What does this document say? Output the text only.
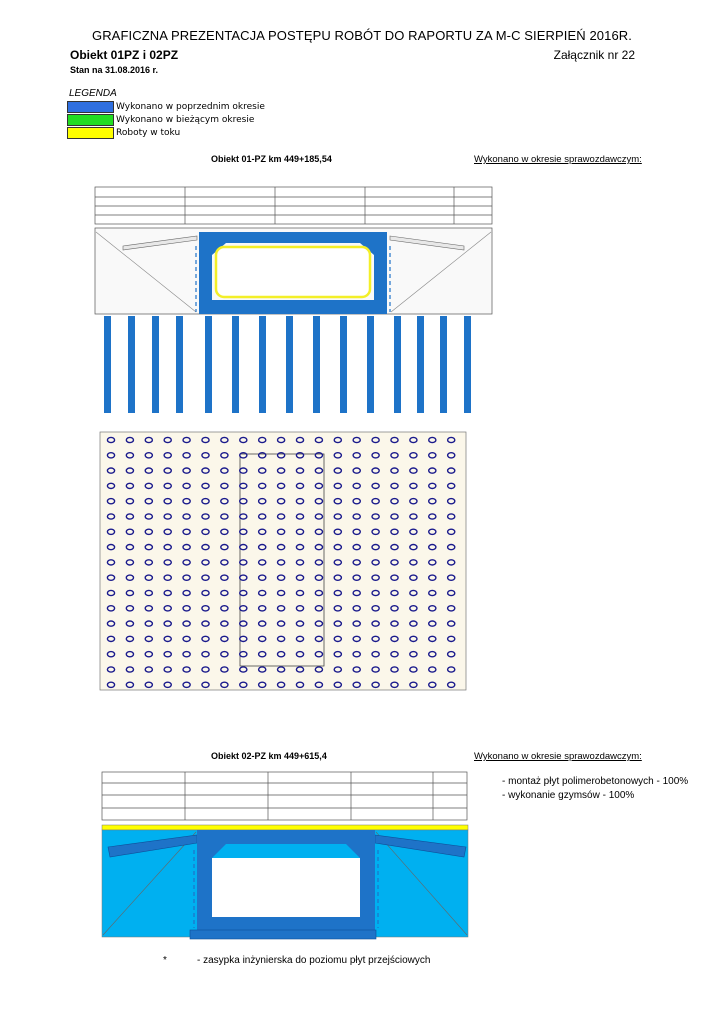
GRAFICZNA PREZENTACJA POSTĘPU ROBÓT DO RAPORTU ZA M-C SIERPIEŃ 2016R.
Obiekt 01PZ i 02PZ
Stan na 31.08.2016 r.
Załącznik nr 22
LEGENDA
Wykonano w poprzednim okresie
Wykonano w bieżącym okresie
Roboty w toku
Obiekt 01-PZ km 449+185,54	Wykonano w okresie sprawozdawczym:
Obiekt 02-PZ km 449+615,4	Wykonano w okresie sprawozdawczym:
- montaż płyt polimerobetonowych - 100%
- wykonanie gzymsów - 100%
*	- zasypka inżynierska do poziomu płyt przejściowych
